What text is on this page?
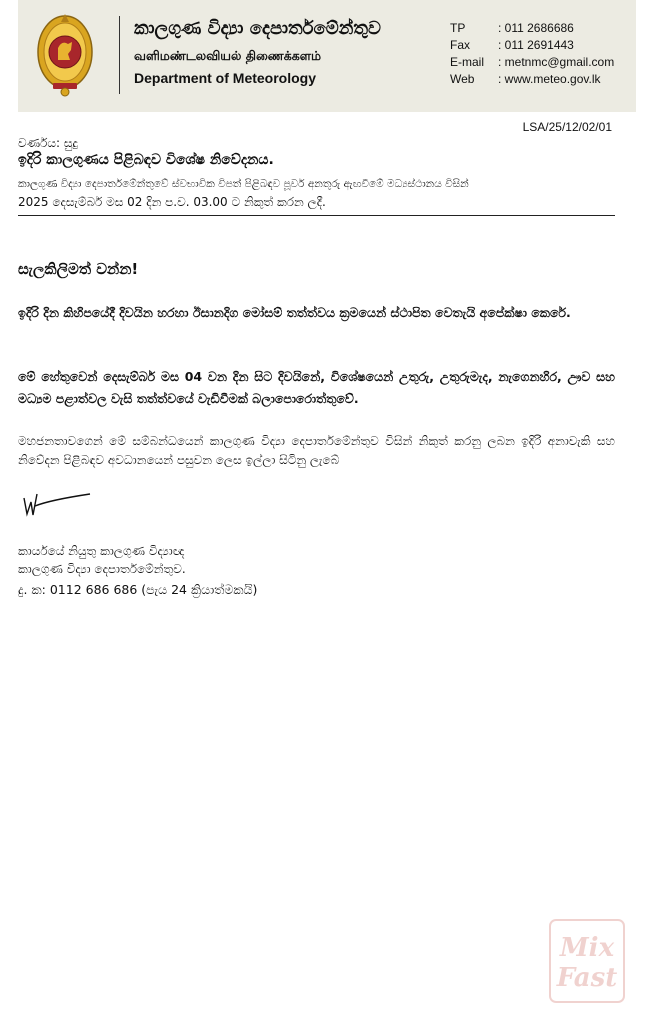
කාලගුණ විද්‍යා දෙපාර්තමේන්තුව
வளிமண்டலவியல் திணைக்களம்
Department of Meteorology
TP	: 011 2686686
Fax	: 011 2691443
E-mail	: metnmc@gmail.com
Web	: www.meteo.gov.lk
LSA/25/12/02/01
වර්ණය: සුදු
ඉදිරි කාලගුණය පිළිබඳව විශේෂ නිවේදනය.
කාලගුණ විද්‍යා දෙපාර්තමේන්තුවේ ස්වභාවික විපත් පිළිබඳව පූර්ව අනතුරු ඇඟවීමේ මධ්‍යස්ථානය විසින්
2025 දෙසැම්බර් මස 02 දින ප.ව. 03.00 ට නිකුත් කරන ලදී.
සැලකිලිමත් වන්න!
ඉදිරි දින කිහිපයේදී දිවයින හරහා ඊසානදිග මෝසම් තත්ත්වය ක්‍රමයෙන් ස්ථාපිත වෙතැයි අපේක්ෂා කෙරේ.
මේ හේතුවෙන් දෙසැම්බර් මස 04 වන දින සිට දිවයිනේ, විශේෂයෙන් උතුරු, උතුරුමැද, නැගෙනහිර, ඌව සහ මධ්‍යම පළාත්වල වැසි තත්ත්වයේ වැඩිවීමක් බලාපොරොත්තුවේ.
මහජනතාවගෙන් මේ සම්බන්ධයෙන් කාලගුණ විද්‍යා දෙපාර්තමේන්තුව විසින් නිකුත් කරනු ලබන ඉදිරි අනාවැකි සහ නිවේදන පිළිබඳව අවධානයෙන් පසුවන ලෙස ඉල්ලා සිටිනු ලැබේ
කාර්යයේ නියුතු කාලගුණ විද්‍යාඥ
කාලගුණ විද්‍යා දෙපාර්තමේන්තුව.
දු. ක: 0112 686 686 (පැය 24 ක්‍රියාත්මකයි)
Mix
Fast
